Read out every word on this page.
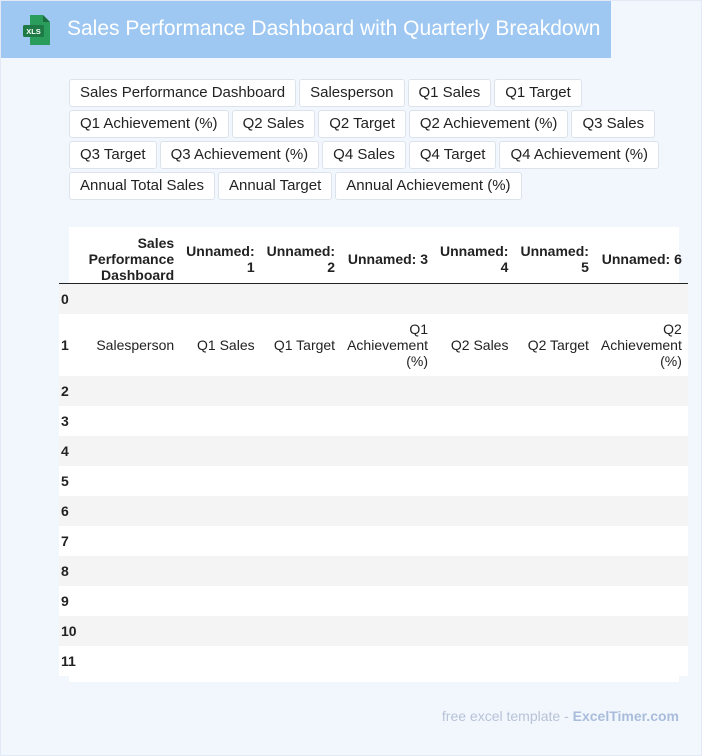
XLS Sales Performance Dashboard with Quarterly Breakdown
Sales Performance Dashboard	Salesperson	Q1 Sales	Q1 Target
Q1 Achievement (%)	Q2 Sales	Q2 Target	Q2 Achievement (%)	Q3 Sales
Q3 Target	Q3 Achievement (%)	Q4 Sales	Q4 Target	Q4 Achievement (%)
Annual Total Sales	Annual Target	Annual Achievement (%)
	Sales Performance Dashboard	Unnamed: 1	Unnamed: 2	Unnamed: 3	Unnamed: 4	Unnamed: 5	Unnamed: 6
0							
1	Salesperson	Q1 Sales	Q1 Target	Q1 Achievement (%)	Q2 Sales	Q2 Target	Q2 Achievement (%)
2							
3							
4							
5							
6							
7							
8							
9							
10							
11							
free excel template - ExcelTimer.com
